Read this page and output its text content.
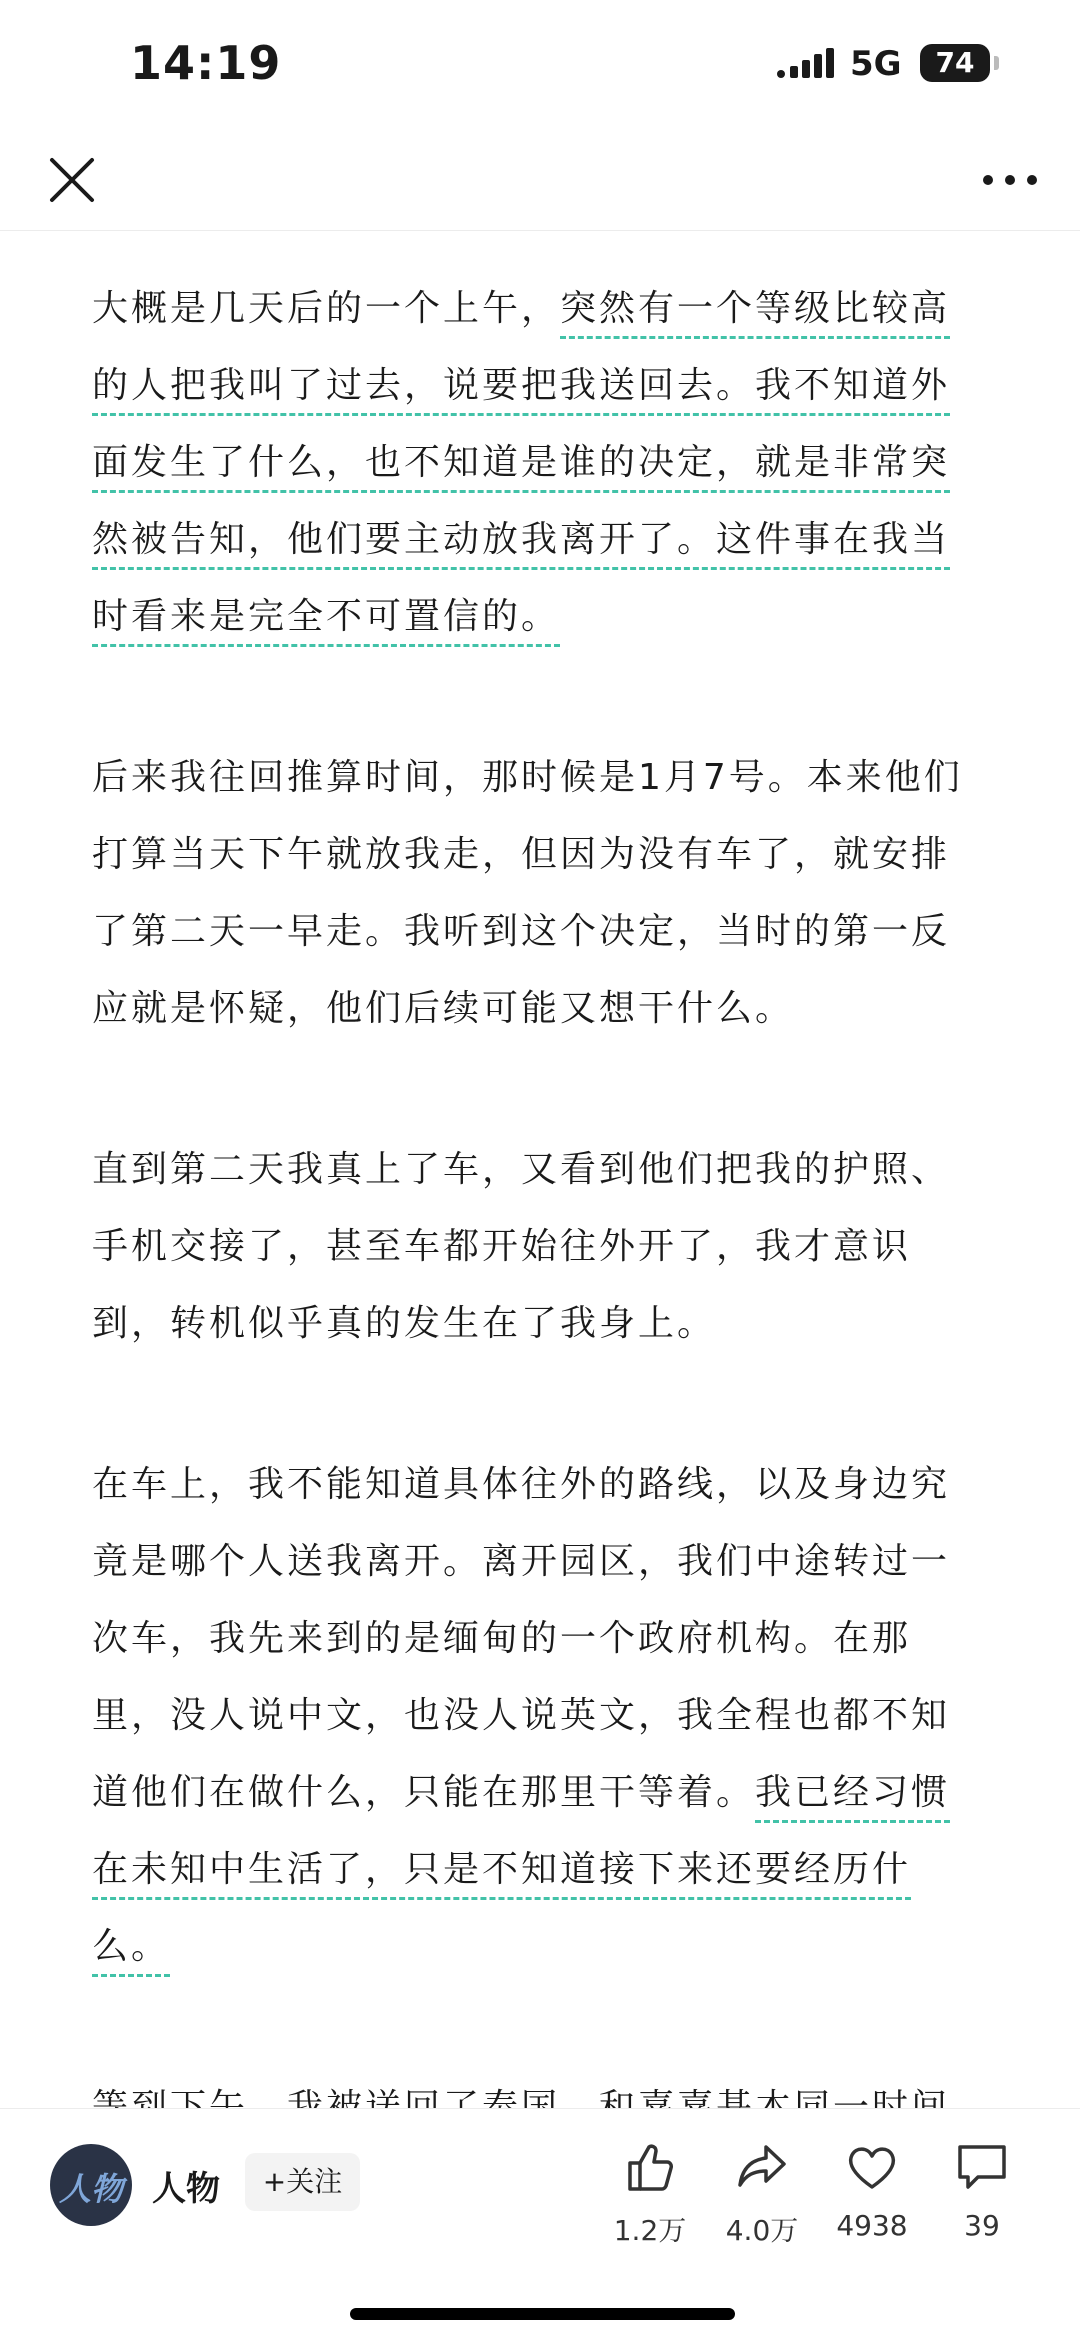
14:19	5G	74

大概是几天后的一个上午，突然有一个等级比较高的人把我叫了过去，说要把我送回去。我不知道外面发生了什么，也不知道是谁的决定，就是非常突然被告知，他们要主动放我离开了。这件事在我当时看来是完全不可置信的。

后来我往回推算时间，那时候是1月7号。本来他们打算当天下午就放我走，但因为没有车了，就安排了第二天一早走。我听到这个决定，当时的第一反应就是怀疑，他们后续可能又想干什么。

直到第二天我真上了车，又看到他们把我的护照、手机交接了，甚至车都开始往外开了，我才意识到，转机似乎真的发生在了我身上。

在车上，我不能知道具体往外的路线，以及身边究竟是哪个人送我离开。离开园区，我们中途转过一次车，我先来到的是缅甸的一个政府机构。在那里，没人说中文，也没人说英文，我全程也都不知道他们在做什么，只能在那里干等着。我已经习惯在未知中生活了，只是不知道接下来还要经历什么。

人物 人物	+关注
1.2万	4.0万	4938	39
